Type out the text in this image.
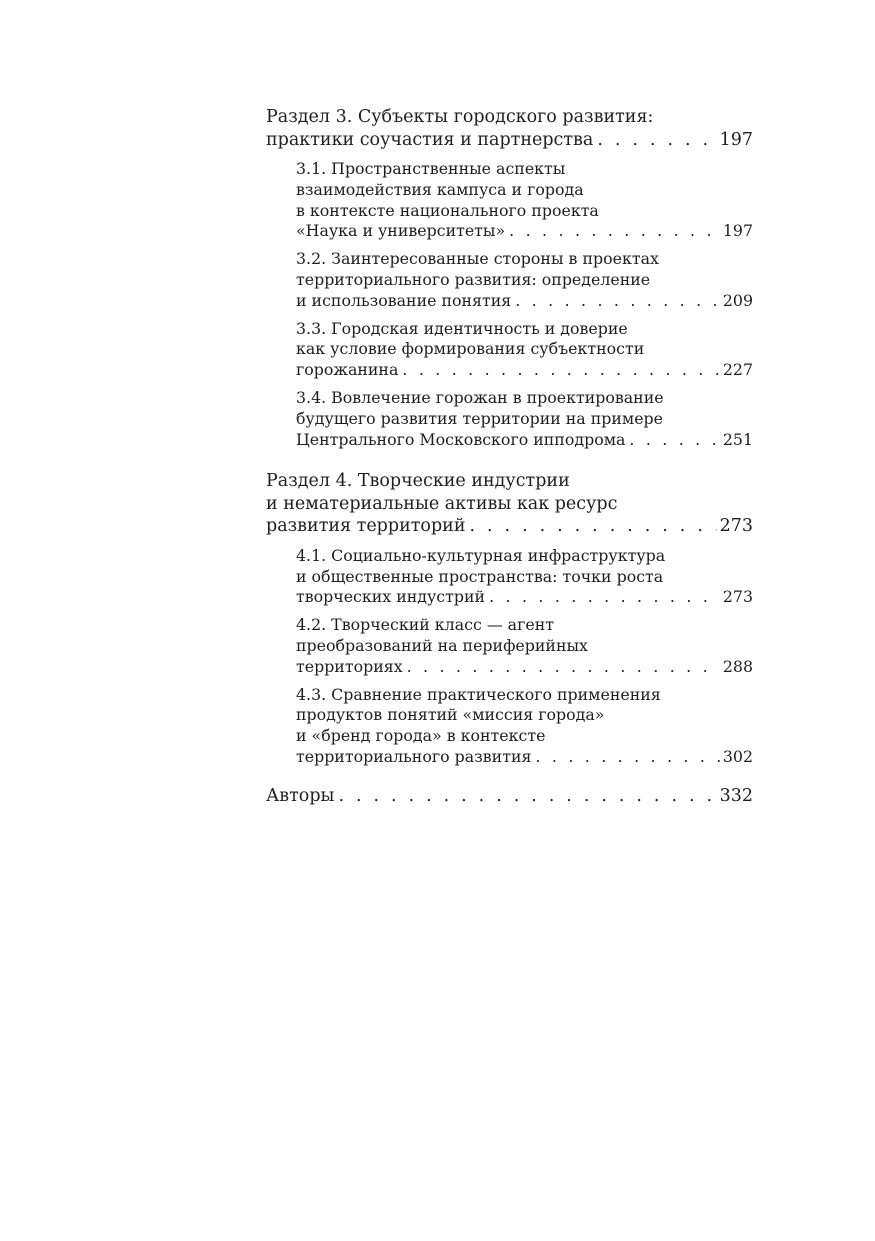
Раздел 3. Субъекты городского развития:
практики соучастия и партнерства . . .	197
3.1. Пространственные аспекты
взаимодействия кампуса и города
в контексте национального проекта
«Наука и университеты» . . .	197
3.2. Заинтересованные стороны в проектах
территориального развития: определение
и использование понятия . . .	209
3.3. Городская идентичность и доверие
как условие формирования субъектности
горожанина . . .	227
3.4. Вовлечение горожан в проектирование
будущего развития территории на примере
Центрального Московского ипподрома . . .	251
Раздел 4. Творческие индустрии
и нематериальные активы как ресурс
развития территорий . . .	273
4.1. Социально-культурная инфраструктура
и общественные пространства: точки роста
творческих индустрий . . .	273
4.2. Творческий класс — агент
преобразований на периферийных
территориях . . .	288
4.3. Сравнение практического применения
продуктов понятий «миссия города»
и «бренд города» в контексте
территориального развития . . .	302
Авторы . . .	332
